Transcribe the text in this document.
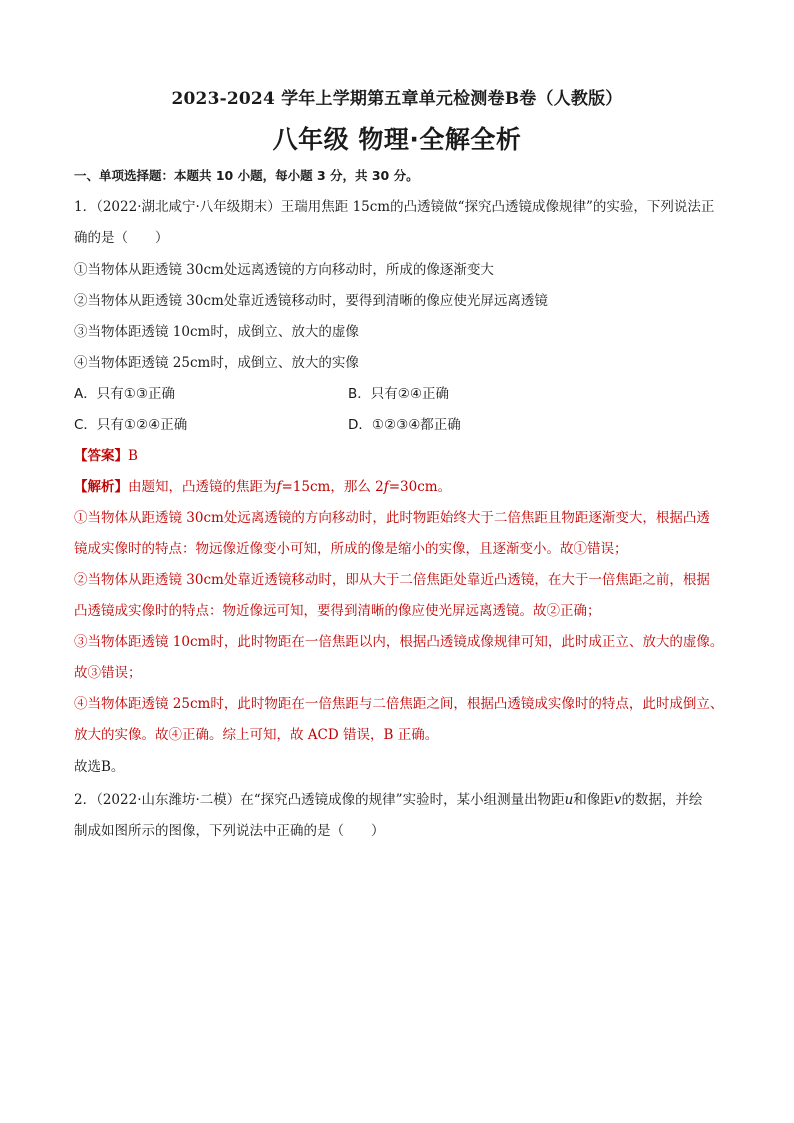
2023-2024 学年上学期第五章单元检测卷B卷（人教版）
八年级 物理·全解全析
一、单项选择题：本题共 10 小题，每小题 3 分，共 30 分。
1．（2022·湖北咸宁·八年级期末）王瑞用焦距 15cm的凸透镜做“探究凸透镜成像规律”的实验，下列说法正
确的是（　　）
①当物体从距透镜 30cm处远离透镜的方向移动时，所成的像逐渐变大
②当物体从距透镜 30cm处靠近透镜移动时，要得到清晰的像应使光屏远离透镜
③当物体距透镜 10cm时，成倒立、放大的虚像
④当物体距透镜 25cm时，成倒立、放大的实像
A．只有①③正确	B．只有②④正确
C．只有①②④正确	D．①②③④都正确
【答案】B
【解析】由题知，凸透镜的焦距为f=15cm，那么 2f=30cm。
①当物体从距透镜 30cm处远离透镜的方向移动时，此时物距始终大于二倍焦距且物距逐渐变大，根据凸透
镜成实像时的特点：物远像近像变小可知，所成的像是缩小的实像，且逐渐变小。故①错误；
②当物体从距透镜 30cm处靠近透镜移动时，即从大于二倍焦距处靠近凸透镜，在大于一倍焦距之前，根据
凸透镜成实像时的特点：物近像远可知，要得到清晰的像应使光屏远离透镜。故②正确；
③当物体距透镜 10cm时，此时物距在一倍焦距以内，根据凸透镜成像规律可知，此时成正立、放大的虚像。
故③错误；
④当物体距透镜 25cm时，此时物距在一倍焦距与二倍焦距之间，根据凸透镜成实像时的特点，此时成倒立、
放大的实像。故④正确。综上可知，故 ACD 错误，B 正确。
故选B。
2．（2022·山东潍坊·二模）在“探究凸透镜成像的规律”实验时，某小组测量出物距u和像距v的数据，并绘
制成如图所示的图像，下列说法中正确的是（　　）
